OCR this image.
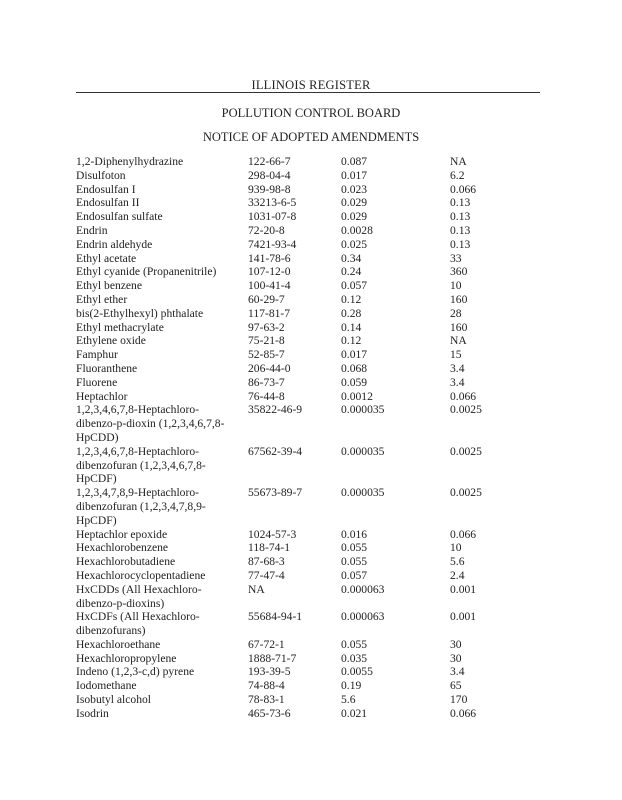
ILLINOIS REGISTER
POLLUTION CONTROL BOARD
NOTICE OF ADOPTED AMENDMENTS
1,2-Diphenylhydrazine	122-66-7	0.087	NA
Disulfoton	298-04-4	0.017	6.2
Endosulfan I	939-98-8	0.023	0.066
Endosulfan II	33213-6-5	0.029	0.13
Endosulfan sulfate	1031-07-8	0.029	0.13
Endrin	72-20-8	0.0028	0.13
Endrin aldehyde	7421-93-4	0.025	0.13
Ethyl acetate	141-78-6	0.34	33
Ethyl cyanide (Propanenitrile)	107-12-0	0.24	360
Ethyl benzene	100-41-4	0.057	10
Ethyl ether	60-29-7	0.12	160
bis(2-Ethylhexyl) phthalate	117-81-7	0.28	28
Ethyl methacrylate	97-63-2	0.14	160
Ethylene oxide	75-21-8	0.12	NA
Famphur	52-85-7	0.017	15
Fluoranthene	206-44-0	0.068	3.4
Fluorene	86-73-7	0.059	3.4
Heptachlor	76-44-8	0.0012	0.066
1,2,3,4,6,7,8-Heptachloro-
dibenzo-p-dioxin (1,2,3,4,6,7,8-
HpCDD)
35822-46-9	0.000035	0.0025
1,2,3,4,6,7,8-Heptachloro-
dibenzofuran (1,2,3,4,6,7,8-
HpCDF)
67562-39-4	0.000035	0.0025
1,2,3,4,7,8,9-Heptachloro-
dibenzofuran (1,2,3,4,7,8,9-
HpCDF)
55673-89-7	0.000035	0.0025
Heptachlor epoxide	1024-57-3	0.016	0.066
Hexachlorobenzene	118-74-1	0.055	10
Hexachlorobutadiene	87-68-3	0.055	5.6
Hexachlorocyclopentadiene	77-47-4	0.057	2.4
HxCDDs (All Hexachloro-
dibenzo-p-dioxins)
NA	0.000063	0.001
HxCDFs (All Hexachloro-
dibenzofurans)
55684-94-1	0.000063	0.001
Hexachloroethane	67-72-1	0.055	30
Hexachloropropylene	1888-71-7	0.035	30
Indeno (1,2,3-c,d) pyrene	193-39-5	0.0055	3.4
Iodomethane	74-88-4	0.19	65
Isobutyl alcohol	78-83-1	5.6	170
Isodrin	465-73-6	0.021	0.066
